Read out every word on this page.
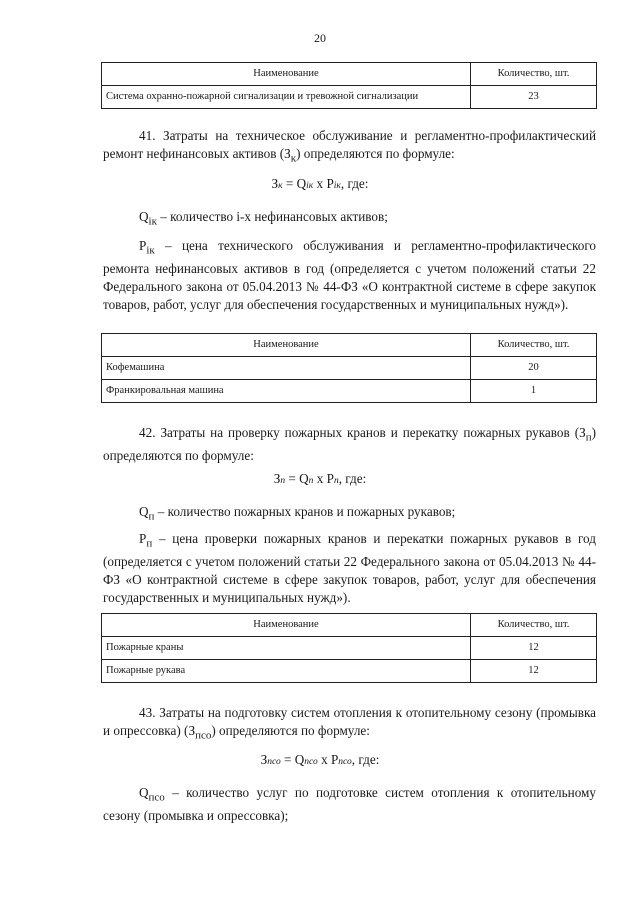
20
Наименование	Количество, шт.
Система охранно-пожарной сигнализации и тревожной сигнализации	23

41. Затраты на техническое обслуживание и регламентно-профилактический ремонт нефинансовых активов $(З_к)$ определяются по формуле:

Зк = Qік x Pік, где:

$Q_{ік}$ – количество i-х нефинансовых активов;

$P_{ік}$ – цена технического обслуживания и регламентно-профилактического ремонта нефинансовых активов в год (определяется с учетом положений статьи 22 Федерального закона от 05.04.2013 № 44-ФЗ «О контрактной системе в сфере закупок товаров, работ, услуг для обеспечения государственных и муниципальных нужд»).

Наименование	Количество, шт.
Кофемашина	20
Франкировальная машина	1

42. Затраты на проверку пожарных кранов и перекатку пожарных рукавов $(З_п)$ определяются по формуле:

Зп = Qп x Pп, где:

$Q_п$ – количество пожарных кранов и пожарных рукавов;

$P_п$ – цена проверки пожарных кранов и перекатки пожарных рукавов в год (определяется с учетом положений статьи 22 Федерального закона от 05.04.2013 № 44-ФЗ «О контрактной системе в сфере закупок товаров, работ, услуг для обеспечения государственных и муниципальных нужд»).

Наименование	Количество, шт.
Пожарные краны	12
Пожарные рукава	12

43. Затраты на подготовку систем отопления к отопительному сезону (промывка и опрессовка) $(З_{псо})$ определяются по формуле:

Зпсо = Qпсо x Pпсо, где:

$Q_{псо}$ – количество услуг по подготовке систем отопления к отопительному сезону (промывка и опрессовка);
